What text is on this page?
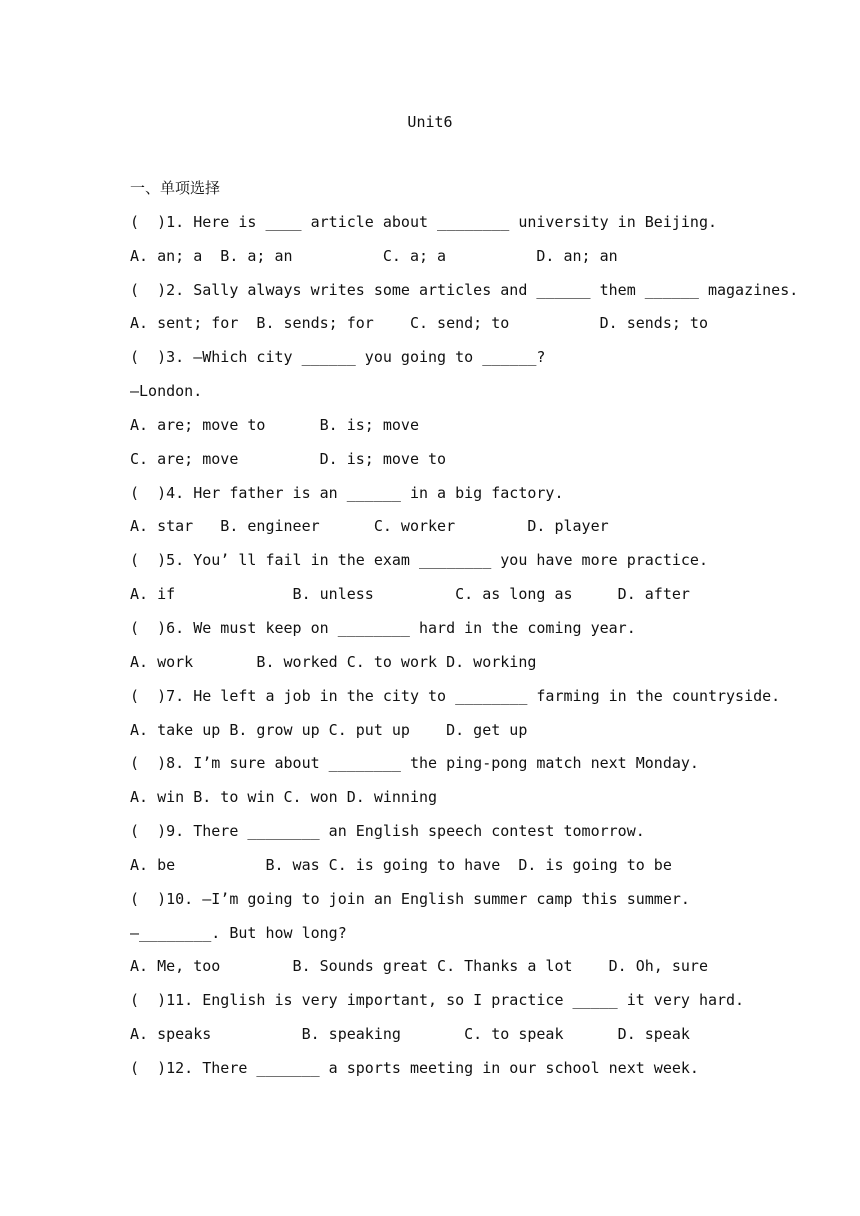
Unit6
一、单项选择
(  )1. Here is ____ article about ________ university in Beijing.
A. an; a  B. a; an          C. a; a          D. an; an
(  )2. Sally always writes some articles and ______ them ______ magazines.
A. sent; for  B. sends; for    C. send; to          D. sends; to
(  )3. —Which city ______ you going to ______?
—London.
A. are; move to      B. is; move
C. are; move         D. is; move to
(  )4. Her father is an ______ in a big factory.
A. star   B. engineer      C. worker        D. player
(  )5. You’ ll fail in the exam ________ you have more practice.
A. if             B. unless         C. as long as     D. after
(  )6. We must keep on ________ hard in the coming year.
A. work       B. worked C. to work D. working
(  )7. He left a job in the city to ________ farming in the countryside.
A. take up B. grow up C. put up    D. get up
(  )8. I’m sure about ________ the ping-pong match next Monday.
A. win B. to win C. won D. winning
(  )9. There ________ an English speech contest tomorrow.
A. be          B. was C. is going to have  D. is going to be
(  )10. —I’m going to join an English summer camp this summer.
—________. But how long?
A. Me, too        B. Sounds great C. Thanks a lot    D. Oh, sure
(  )11. English is very important, so I practice _____ it very hard.
A. speaks          B. speaking       C. to speak      D. speak
(  )12. There _______ a sports meeting in our school next week.
